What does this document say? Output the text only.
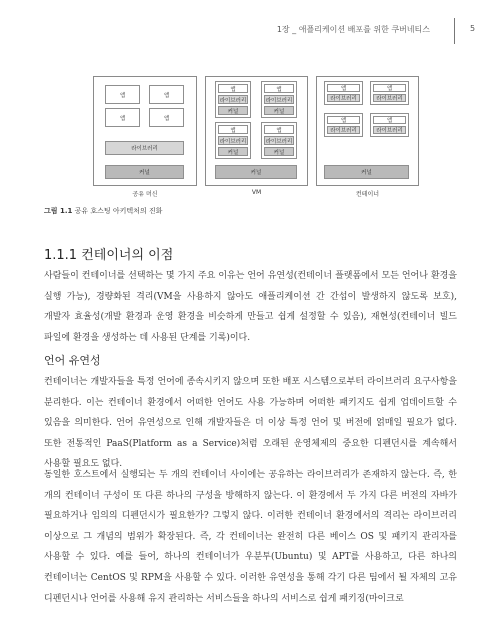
1장 _ 애플리케이션 배포를 위한 쿠버네티스	5
앱	앱
앱	앱
라이브러리
커널
공유 머신
앱
라이브러리
커널
앱
라이브러리
커널
앱
라이브러리
커널
앱
라이브러리
커널
커널
VM
앱
라이브러리
앱
라이브러리
앱
라이브러리
앱
라이브러리
커널
컨테이너
그림 1.1 공유 호스팅 아키텍처의 진화
1.1.1 컨테이너의 이점
사람들이 컨테이너를 선택하는 몇 가지 주요 이유는 언어 유연성(컨테이너 플랫폼에서 모든 언어나 환경을 실행 가능), 경량화된 격리(VM을 사용하지 않아도 애플리케이션 간 간섭이 발생하지 않도록 보호), 개발자 효율성(개발 환경과 운영 환경을 비슷하게 만들고 쉽게 설정할 수 있음), 재현성(컨테이너 빌드 파일에 환경을 생성하는 데 사용된 단계를 기록)이다.
언어 유연성
컨테이너는 개발자들을 특정 언어에 종속시키지 않으며 또한 배포 시스템으로부터 라이브러리 요구사항을 분리한다. 이는 컨테이너 환경에서 어떠한 언어도 사용 가능하며 어떠한 패키지도 쉽게 업데이트할 수 있음을 의미한다. 언어 유연성으로 인해 개발자들은 더 이상 특정 언어 및 버전에 얽매일 필요가 없다. 또한 전통적인 PaaS(Platform as a Service)처럼 오래된 운영체제의 중요한 디펜던시를 계속해서 사용할 필요도 없다.
동일한 호스트에서 실행되는 두 개의 컨테이너 사이에는 공유하는 라이브러리가 존재하지 않는다. 즉, 한 개의 컨테이너 구성이 또 다른 하나의 구성을 방해하지 않는다. 이 환경에서 두 가지 다른 버전의 자바가 필요하거나 임의의 디펜던시가 필요한가? 그렇지 않다. 이러한 컨테이너 환경에서의 격리는 라이브러리 이상으로 그 개념의 범위가 확장된다. 즉, 각 컨테이너는 완전히 다른 베이스 OS 및 패키지 관리자를 사용할 수 있다. 예를 들어, 하나의 컨테이너가 우분투(Ubuntu) 및 APT를 사용하고, 다른 하나의 컨테이너는 CentOS 및 RPM을 사용할 수 있다. 이러한 유연성을 통해 각기 다른 팀에서 될 자체의 고유 디펜던시나 언어를 사용해 유지 관리하는 서비스들을 하나의 서비스로 쉽게 패키징(마이크로
